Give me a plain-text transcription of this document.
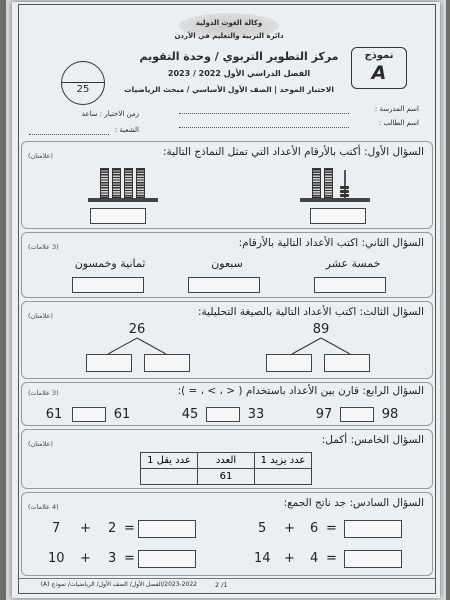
وكالة الغوث الدولية
دائرة التربية والتعليم في الأردن
مركز التطوير التربوي / وحدة التقويم
الفصل الدراسي الأول 2022 / 2023
الاختبار الموحد | الصف الأول الأساسي / مبحث الرياضيات
نموذج
A
25
اسم المدرسة :
اسم الطالب :
زمن الاختبار : ساعة
الشعبة :
السؤال الأول: أكتب بالأرقام الأعداد التي تمثل النماذج التالية:
(علامتان)
السؤال الثاني: اكتب الأعداد التالية بالأرقام:
(3 علامات)
خمسة عشر
سبعون
ثمانية وخمسون
السؤال الثالث: اكتب الأعداد التالية بالصيغة التحليلية:
(علامتان)
89
26
السؤال الرابع: قارن بين الأعداد باستخدام ( < ، > ، = ):
(3 علامات)
98
97
33
45
61
61
السؤال الخامس: أكمل:
(علامتان)
عدد يزيد 1	العدد	عدد يقل 1
	61	
السؤال السادس: جد ناتج الجمع:
(4 علامات)
5 + 6 =
7 + 2 =
14 + 4 =
10 + 3 =
2 /1
2023-2022/الفصل الأول/ الصف الأول/ الرياضيات/ نموذج (A)
